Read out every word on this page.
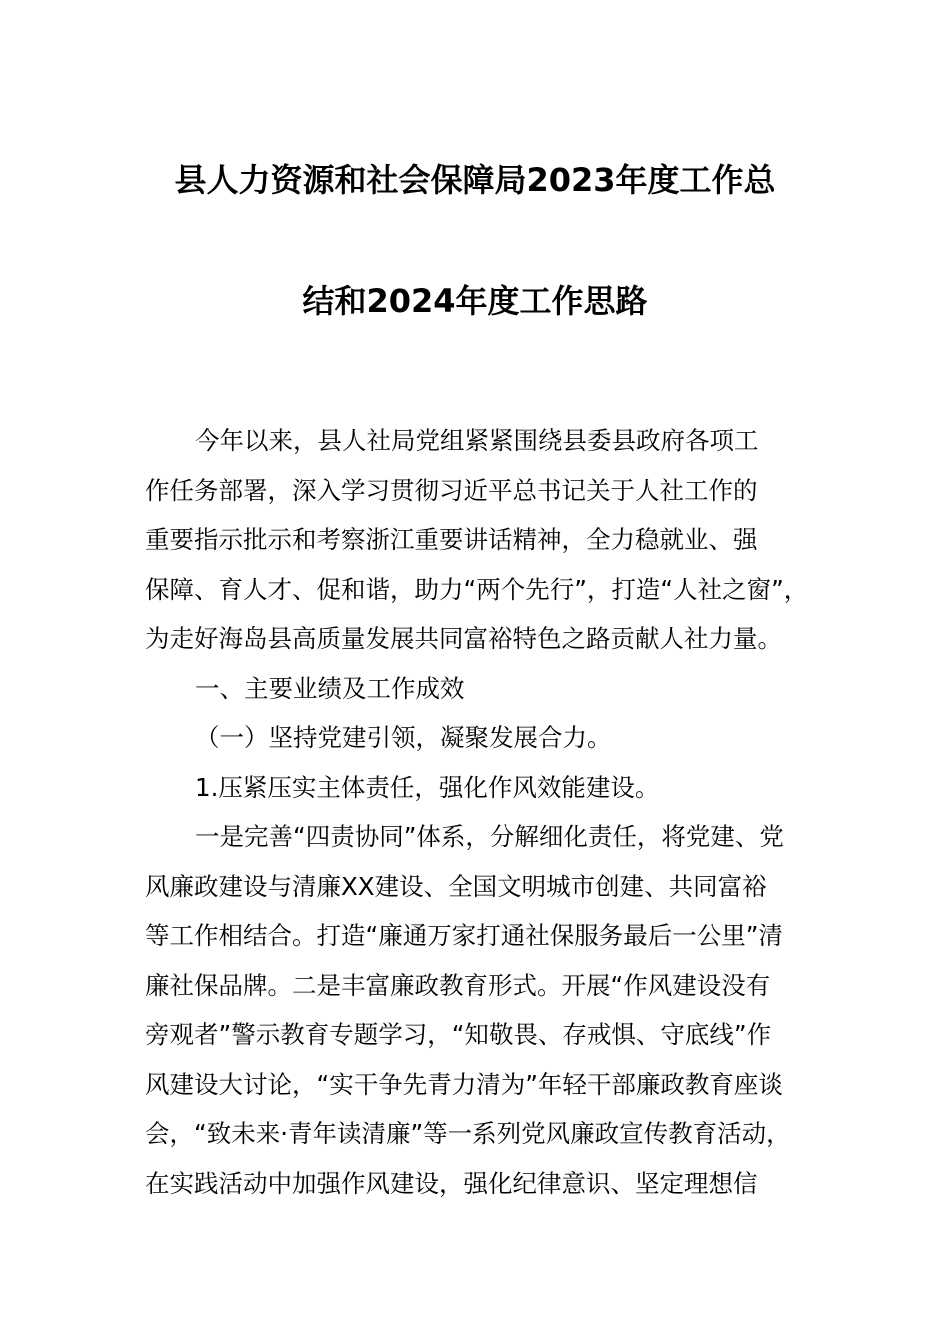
县人力资源和社会保障局2023年度工作总
结和2024年度工作思路
今年以来，县人社局党组紧紧围绕县委县政府各项工
作任务部署，深入学习贯彻习近平总书记关于人社工作的
重要指示批示和考察浙江重要讲话精神，全力稳就业、强
保障、育人才、促和谐，助力“两个先行”，打造“人社之窗”，
为走好海岛县高质量发展共同富裕特色之路贡献人社力量。
一、主要业绩及工作成效
（一）坚持党建引领，凝聚发展合力。
1.压紧压实主体责任，强化作风效能建设。
一是完善“四责协同”体系，分解细化责任，将党建、党
风廉政建设与清廉XX建设、全国文明城市创建、共同富裕
等工作相结合。打造“廉通万家打通社保服务最后一公里”清
廉社保品牌。二是丰富廉政教育形式。开展“作风建设没有
旁观者”警示教育专题学习，“知敬畏、存戒惧、守底线”作
风建设大讨论，“实干争先青力清为”年轻干部廉政教育座谈
会，“致未来·青年读清廉”等一系列党风廉政宣传教育活动，
在实践活动中加强作风建设，强化纪律意识、坚定理想信
